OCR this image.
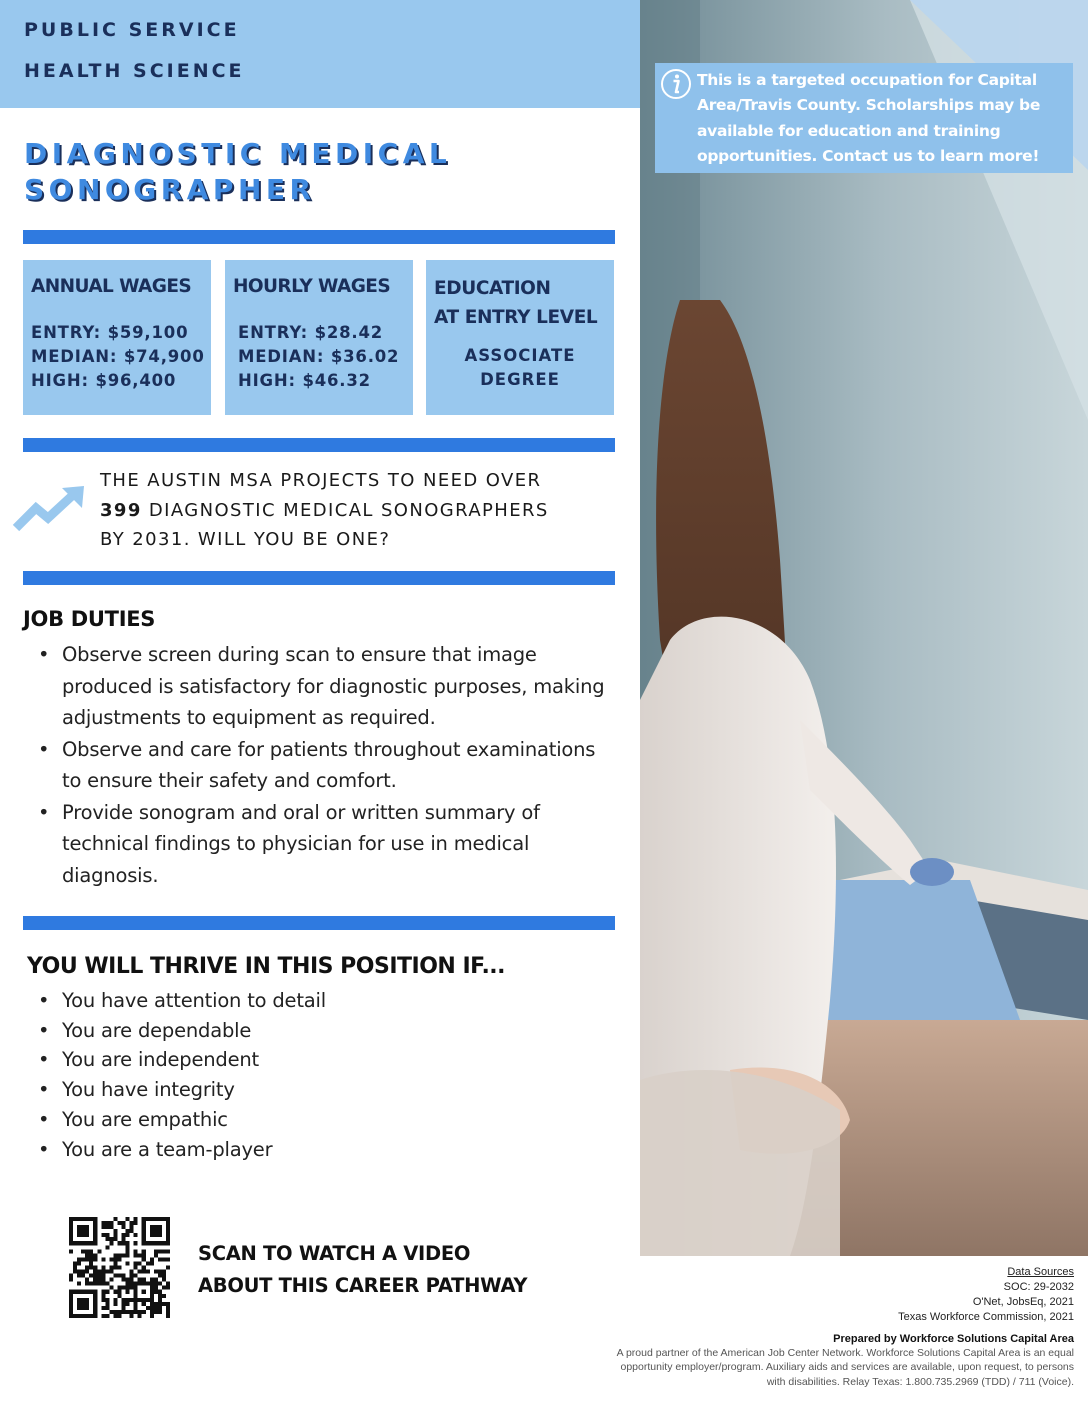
PUBLIC SERVICE
HEALTH SCIENCE
DIAGNOSTIC MEDICAL
SONOGRAPHER
ANNUAL WAGES
ENTRY: $59,100
MEDIAN: $74,900
HIGH: $96,400
HOURLY WAGES
ENTRY: $28.42
MEDIAN: $36.02
HIGH: $46.32
EDUCATION
AT ENTRY LEVEL
ASSOCIATE
DEGREE
THE AUSTIN MSA PROJECTS TO NEED OVER
399 DIAGNOSTIC MEDICAL SONOGRAPHERS
BY 2031. WILL YOU BE ONE?
JOB DUTIES
• Observe screen during scan to ensure that image produced is satisfactory for diagnostic purposes, making adjustments to equipment as required.
• Observe and care for patients throughout examinations to ensure their safety and comfort.
• Provide sonogram and oral or written summary of technical findings to physician for use in medical diagnosis.
YOU WILL THRIVE IN THIS POSITION IF...
• You have attention to detail
• You are dependable
• You are independent
• You have integrity
• You are empathic
• You are a team-player
SCAN TO WATCH A VIDEO
ABOUT THIS CAREER PATHWAY
This is a targeted occupation for Capital Area/Travis County. Scholarships may be available for education and training opportunities. Contact us to learn more!
Data Sources
SOC: 29-2032
O'Net, JobsEq, 2021
Texas Workforce Commission, 2021
Prepared by Workforce Solutions Capital Area
A proud partner of the American Job Center Network. Workforce Solutions Capital Area is an equal opportunity employer/program. Auxiliary aids and services are available, upon request, to persons with disabilities. Relay Texas: 1.800.735.2969 (TDD) / 711 (Voice).
